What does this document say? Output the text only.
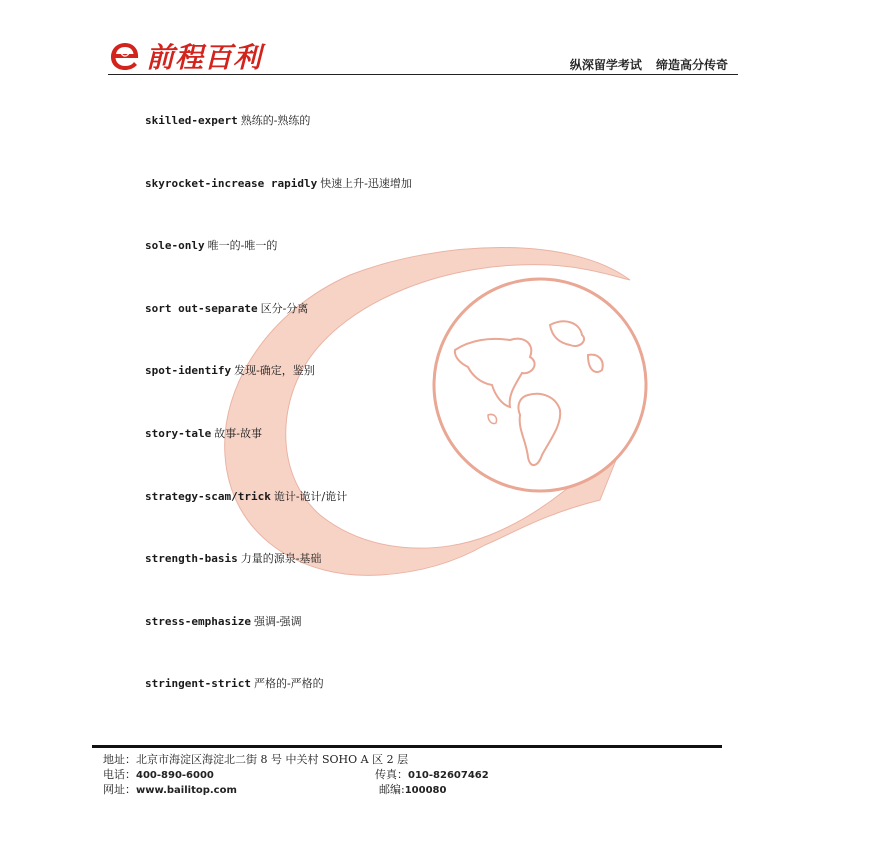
前程百利	纵深留学考试 缔造高分传奇
skilled-expert 熟练的-熟练的
skyrocket-increase rapidly 快速上升-迅速增加
sole-only 唯一的-唯一的
sort out-separate 区分-分离
spot-identify 发现-确定，鉴别
story-tale 故事-故事
strategy-scam/trick 诡计-诡计/诡计
strength-basis 力量的源泉-基础
stress-emphasize 强调-强调
stringent-strict 严格的-严格的
地址：北京市海淀区海淀北二街 8 号 中关村 SOHO A 区 2 层
电话：400-890-6000	传真：010-82607462
网址：www.bailitop.com	邮编:100080
